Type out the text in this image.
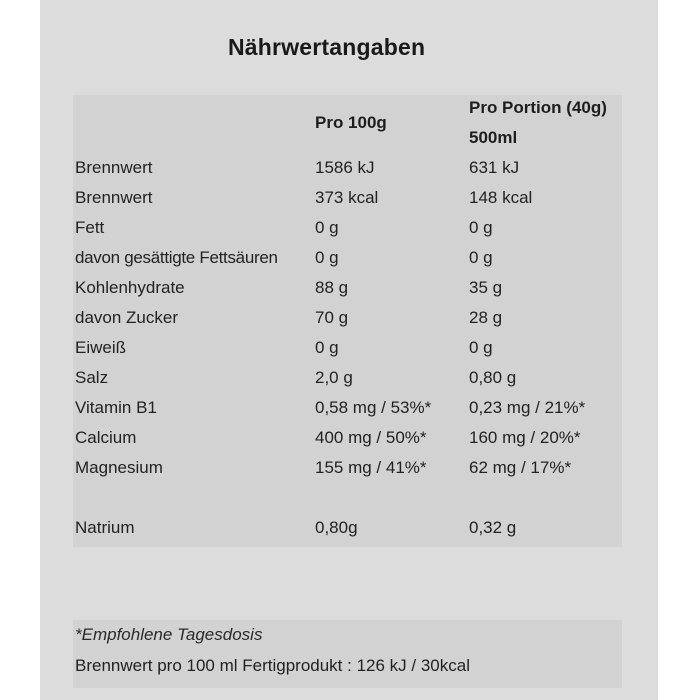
Nährwertangaben
Pro 100g
Pro Portion (40g)
500ml
Brennwert	1586 kJ	631 kJ
Brennwert	373 kcal	148 kcal
Fett	0 g	0 g
davon gesättigte Fettsäuren 0 g	0 g
Kohlenhydrate	88 g	35 g
davon Zucker	70 g	28 g
Eiweiß	0 g	0 g
Salz	2,0 g	0,80 g
Vitamin B1	0,58 mg / 53%* 0,23 mg / 21%*
Calcium	400 mg / 50%* 160 mg / 20%*
Magnesium	155 mg / 41%* 62 mg / 17%*
Natrium	0,80g	0,32 g
*Empfohlene Tagesdosis
Brennwert pro 100 ml Fertigprodukt : 126 kJ / 30kcal
